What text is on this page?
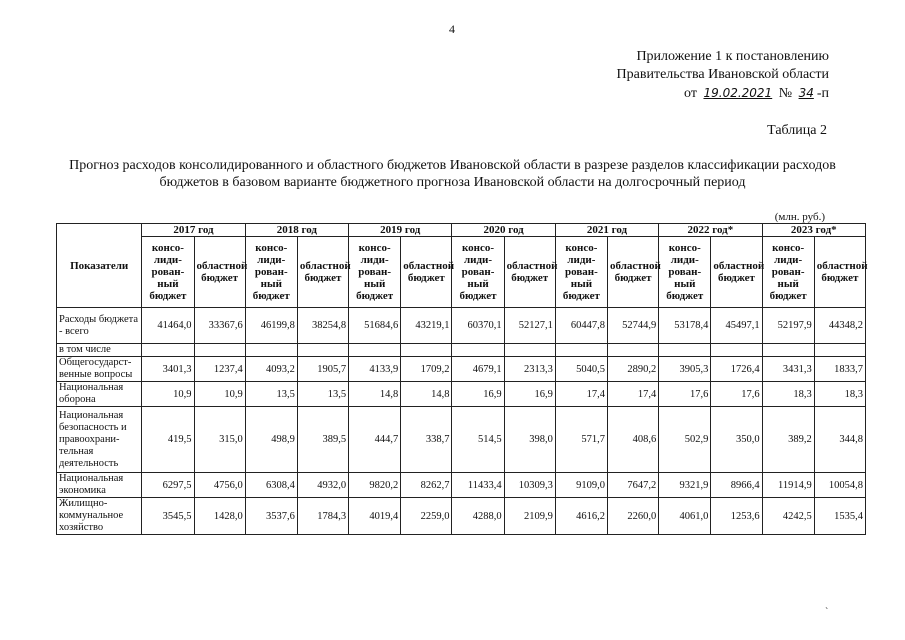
4
Приложение 1 к постановлению
Правительства Ивановской области
от 19.02.2021 № 34 -п
Таблица 2
Прогноз расходов консолидированного и областного бюджетов Ивановской области в разрезе разделов классификации расходов бюджетов в базовом варианте бюджетного прогноза Ивановской области на долгосрочный период
(млн. руб.)
Показатели	2017 год		2018 год		2019 год		2020 год		2021 год		2022 год*		2023 год*	
	консо-
лиди-
рован-
ный
бюджет	областной бюджет	консо-
лиди-
рован-
ный
бюджет	областной бюджет	консо-
лиди-
рован-
ный
бюджет	областной бюджет	консо-
лиди-
рован-
ный
бюджет	областной бюджет	консо-
лиди-
рован-
ный
бюджет	областной бюджет	консо-
лиди-
рован-
ный
бюджет	областной бюджет	консо-
лиди-
рован-
ный
бюджет	областной бюджет
Расходы бюджета - всего	41464,0	33367,6	46199,8	38254,8	51684,6	43219,1	60370,1	52127,1	60447,8	52744,9	53178,4	45497,1	52197,9	44348,2
в том числе														
Общегосударст-венные вопросы	3401,3	1237,4	4093,2	1905,7	4133,9	1709,2	4679,1	2313,3	5040,5	2890,2	3905,3	1726,4	3431,3	1833,7
Национальная оборона	10,9	10,9	13,5	13,5	14,8	14,8	16,9	16,9	17,4	17,4	17,6	17,6	18,3	18,3
Национальная безопасность и правоохрани-тельная деятельность	419,5	315,0	498,9	389,5	444,7	338,7	514,5	398,0	571,7	408,6	502,9	350,0	389,2	344,8
Национальная экономика	6297,5	4756,0	6308,4	4932,0	9820,2	8262,7	11433,4	10309,3	9109,0	7647,2	9321,9	8966,4	11914,9	10054,8
Жилищно-коммунальное хозяйство	3545,5	1428,0	3537,6	1784,3	4019,4	2259,0	4288,0	2109,9	4616,2	2260,0	4061,0	1253,6	4242,5	1535,4
ˋ
